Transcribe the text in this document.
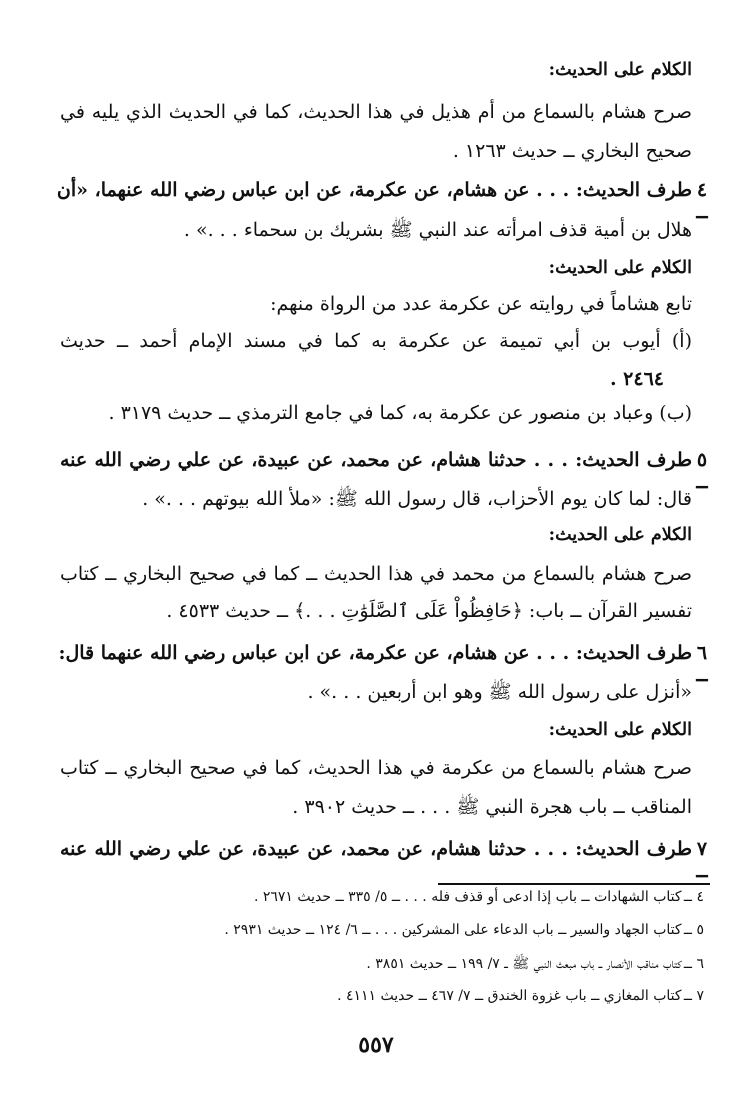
الكلام على الحديث:
صرح هشام بالسماع من أم هذيل في هذا الحديث، كما في الحديث الذي يليه في
صحيح البخاري ــ حديث ١٢٦٣ .
٤ ــ
طرف الحديث: . . . عن هشام، عن عكرمة، عن ابن عباس رضي الله عنهما، «أن
هلال بن أمية قذف امرأته عند النبي ﷺ بشريك بن سحماء . . .» .
الكلام على الحديث:
تابع هشاماً في روايته عن عكرمة عدد من الرواة منهم:
(أ) أيوب بن أبي تميمة عن عكرمة به كما في مسند الإمام أحمد ــ حديث
٢٤٦٤ .
(ب) وعباد بن منصور عن عكرمة به، كما في جامع الترمذي ــ حديث ٣١٧٩ .
٥ ــ
طرف الحديث: . . . حدثنا هشام، عن محمد، عن عبيدة، عن علي رضي الله عنه
قال: لما كان يوم الأحزاب، قال رسول الله ﷺ: «ملأ الله بيوتهم . . .» .
الكلام على الحديث:
صرح هشام بالسماع من محمد في هذا الحديث ــ كما في صحيح البخاري ــ كتاب
تفسير القرآن ــ باب: ﴿حَافِظُواْ عَلَى ٱلصَّلَوَٰتِ . . .﴾ ــ حديث ٤٥٣٣ .
٦ ــ
طرف الحديث: . . . عن هشام، عن عكرمة، عن ابن عباس رضي الله عنهما قال:
«أنزل على رسول الله ﷺ وهو ابن أربعين . . .» .
الكلام على الحديث:
صرح هشام بالسماع من عكرمة في هذا الحديث، كما في صحيح البخاري ــ كتاب
المناقب ــ باب هجرة النبي ﷺ . . . ــ حديث ٣٩٠٢ .
٧ ــ
طرف الحديث: . . . حدثنا هشام، عن محمد، عن عبيدة، عن علي رضي الله عنه
٤ ــ كتاب الشهادات ــ باب إذا ادعى أو قذف فله . . . ــ ٥/ ٣٣٥ ــ حديث ٢٦٧١ .
٥ ــ كتاب الجهاد والسير ــ باب الدعاء على المشركين . . . ــ ٦/ ١٢٤ ــ حديث ٢٩٣١ .
٦ ــ كتاب مناقب الأنصار ــ باب مبعث النبي ﷺ ــ ٧/ ١٩٩ ــ حديث ٣٨٥١ .
٧ ــ كتاب المغازي ــ باب غزوة الخندق ــ ٧/ ٤٦٧ ــ حديث ٤١١١ .
٥٥٧
